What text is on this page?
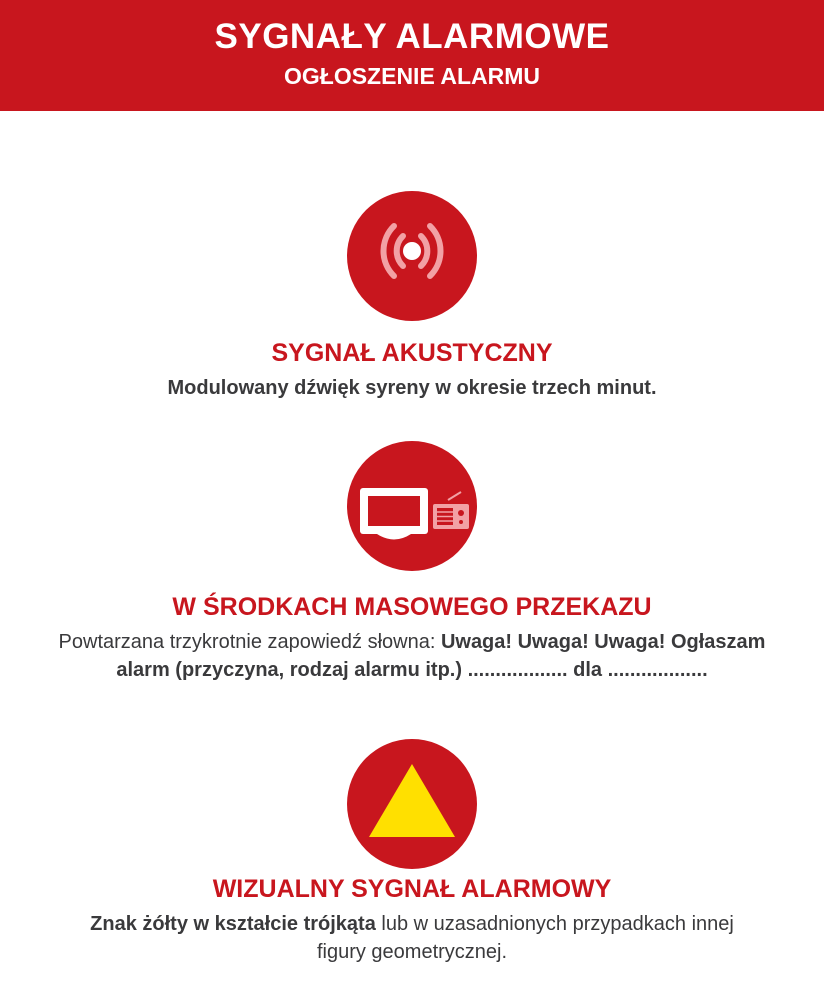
SYGNAŁY ALARMOWE
OGŁOSZENIE ALARMU
SYGNAŁ AKUSTYCZNY
Modulowany dźwięk syreny w okresie trzech minut.
W ŚRODKACH MASOWEGO PRZEKAZU
Powtarzana trzykrotnie zapowiedź słowna: Uwaga! Uwaga! Uwaga! Ogłaszam
alarm (przyczyna, rodzaj alarmu itp.) .................. dla ..................
WIZUALNY SYGNAŁ ALARMOWY
Znak żółty w kształcie trójkąta lub w uzasadnionych przypadkach innej
figury geometrycznej.
